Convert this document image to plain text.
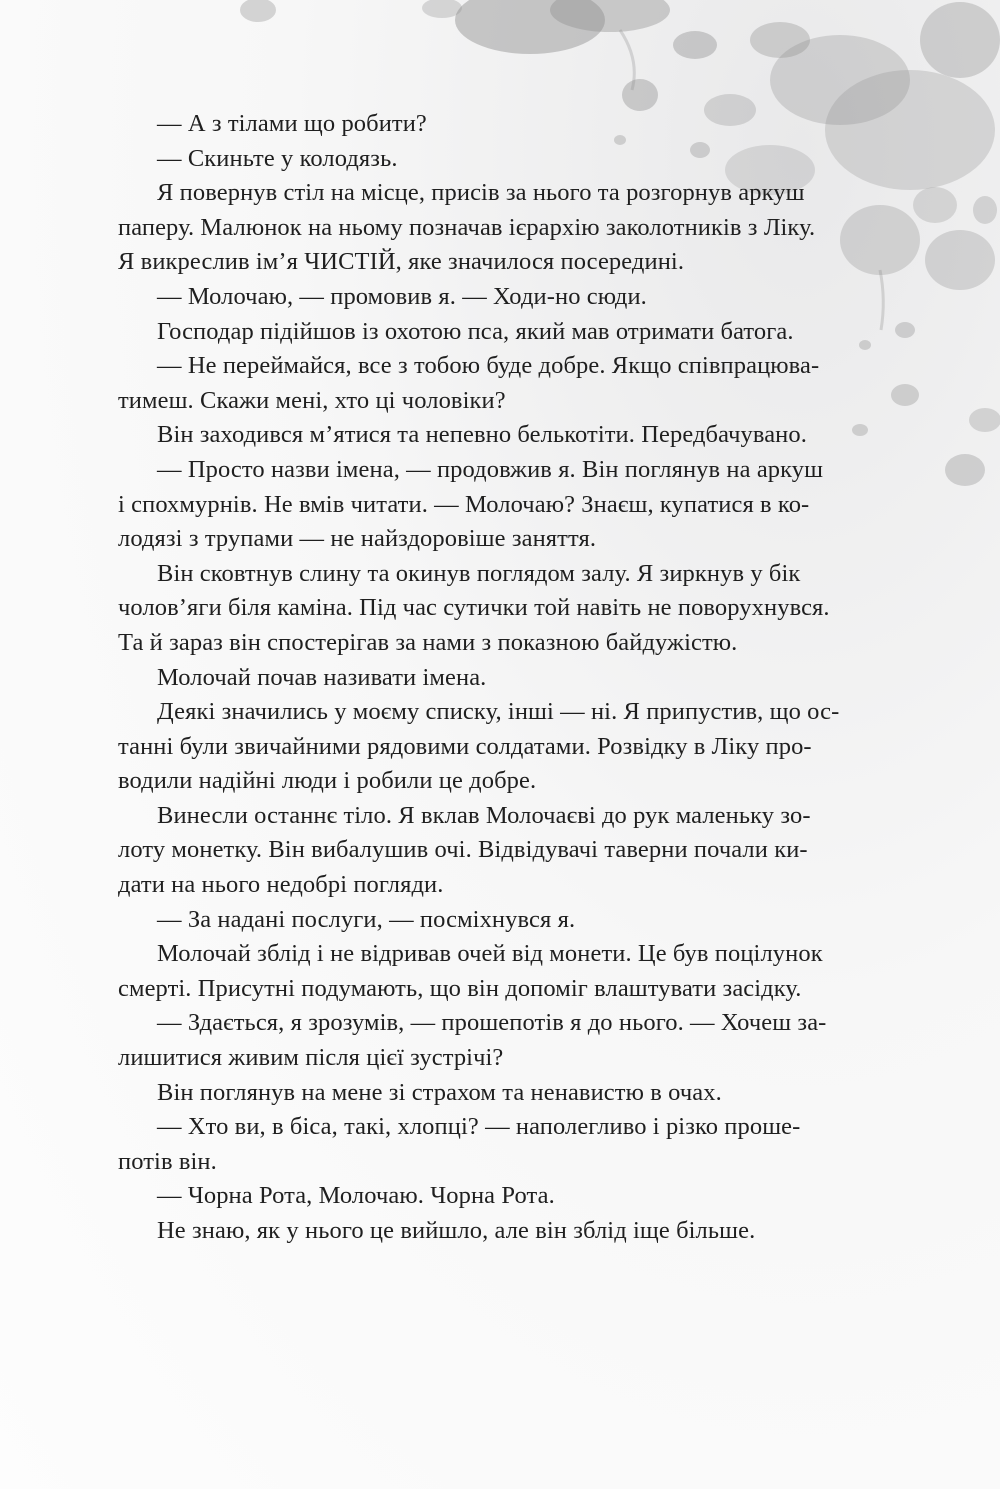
— А з тілами що робити?

— Скиньте у колодязь.

Я повернув стіл на місце, присів за нього та розгорнув аркуш
паперу. Малюнок на ньому позначав ієрархію заколотників з Ліку.
Я викреслив ім’я ЧИСТІЙ, яке значилося посередині.

— Молочаю, — промовив я. — Ходи-но сюди.

Господар підійшов із охотою пса, який мав отримати батога.

— Не переймайся, все з тобою буде добре. Якщо співпрацюва-
тимеш. Скажи мені, хто ці чоловіки?

Він заходився м’ятися та непевно белькотіти. Передбачувано.

— Просто назви імена, — продовжив я. Він поглянув на аркуш
і спохмурнів. Не вмів читати. — Молочаю? Знаєш, купатися в ко-
лодязі з трупами — не найздоровіше заняття.

Він сковтнув слину та окинув поглядом залу. Я зиркнув у бік
чолов’яги біля каміна. Під час сутички той навіть не поворухнувся.
Та й зараз він спостерігав за нами з показною байдужістю.

Молочай почав називати імена.

Деякі значились у моєму списку, інші — ні. Я припустив, що ос-
танні були звичайними рядовими солдатами. Розвідку в Ліку про-
водили надійні люди і робили це добре.

Винесли останнє тіло. Я вклав Молочаєві до рук маленьку зо-
лоту монетку. Він вибалушив очі. Відвідувачі таверни почали ки-
дати на нього недобрі погляди.

— За надані послуги, — посміхнувся я.

Молочай зблід і не відривав очей від монети. Це був поцілунок
смерті. Присутні подумають, що він допоміг влаштувати засідку.

— Здається, я зрозумів, — прошепотів я до нього. — Хочеш за-
лишитися живим після цієї зустрічі?

Він поглянув на мене зі страхом та ненавистю в очах.

— Хто ви, в біса, такі, хлопці? — наполегливо і різко проше-
потів він.

— Чорна Рота, Молочаю. Чорна Рота.

Не знаю, як у нього це вийшло, але він зблід іще більше.
